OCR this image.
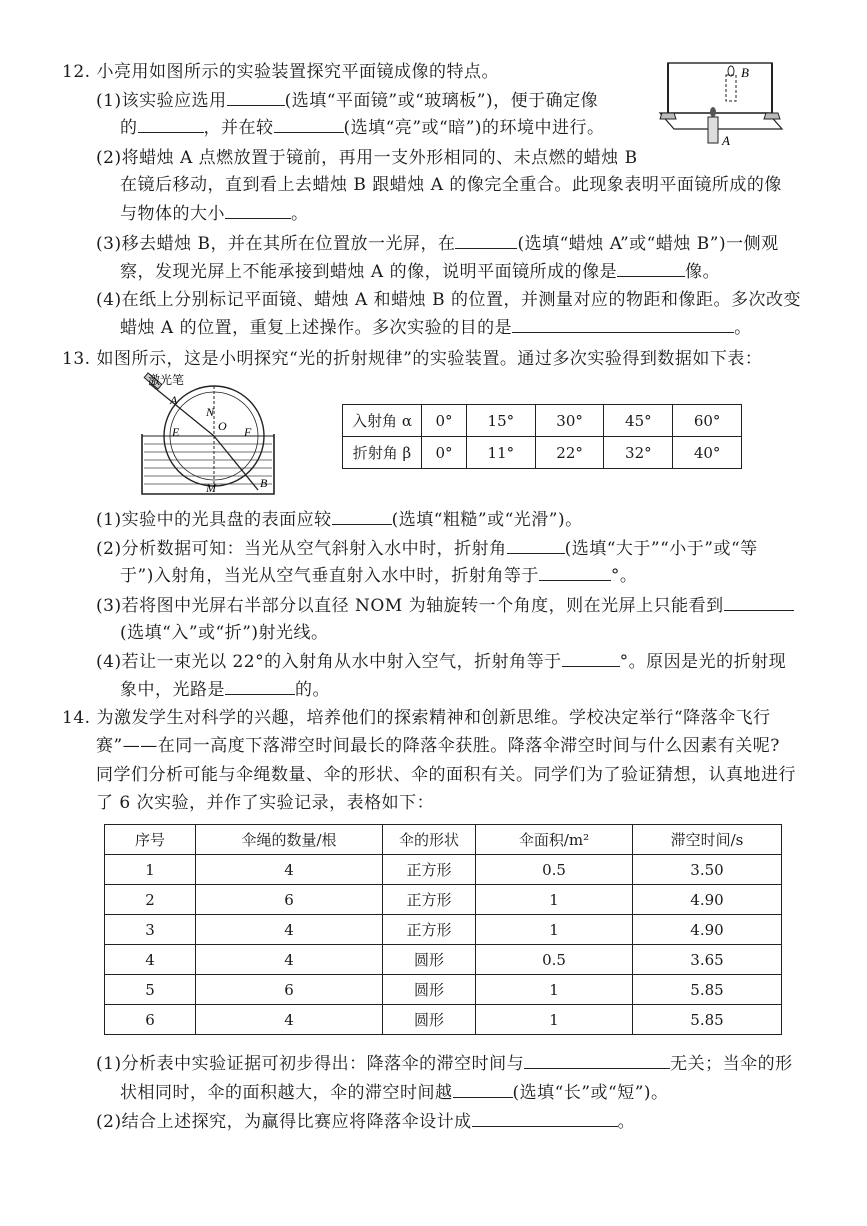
12. 小亮用如图所示的实验装置探究平面镜成像的特点。
(1)该实验应选用	(选填“平面镜”或“玻璃板”)，便于确定像
的	，并在较	(选填“亮”或“暗”)的环境中进行。
(2)将蜡烛 A 点燃放置于镜前，再用一支外形相同的、未点燃的蜡烛 B
在镜后移动，直到看上去蜡烛 B 跟蜡烛 A 的像完全重合。此现象表明平面镜所成的像
与物体的大小	。
(3)移去蜡烛 B，并在其所在位置放一光屏，在	(选填“蜡烛 A”或“蜡烛 B”)一侧观
察，发现光屏上不能承接到蜡烛 A 的像，说明平面镜所成的像是	像。
(4)在纸上分别标记平面镜、蜡烛 A 和蜡烛 B 的位置，并测量对应的物距和像距。多次改变
蜡烛 A 的位置，重复上述操作。多次实验的目的是	。
B
A
13. 如图所示，这是小明探究“光的折射规律”的实验装置。通过多次实验得到数据如下表：
激光笔
A
N
O
E	F
M	B
入射角 α	0°	15°	30°	45°	60°
折射角 β	0°	11°	22°	32°	40°
(1)实验中的光具盘的表面应较	(选填“粗糙”或“光滑”)。
(2)分析数据可知：当光从空气斜射入水中时，折射角	(选填“大于”“小于”或“等
于”)入射角，当光从空气垂直射入水中时，折射角等于	°。
(3)若将图中光屏右半部分以直径 NOM 为轴旋转一个角度，则在光屏上只能看到
(选填“入”或“折”)射光线。
(4)若让一束光以 22°的入射角从水中射入空气，折射角等于	°。原因是光的折射现
象中，光路是	的。
14. 为激发学生对科学的兴趣，培养他们的探索精神和创新思维。学校决定举行“降落伞飞行
赛”——在同一高度下落滞空时间最长的降落伞获胜。降落伞滞空时间与什么因素有关呢?
同学们分析可能与伞绳数量、伞的形状、伞的面积有关。同学们为了验证猜想，认真地进行
了 6 次实验，并作了实验记录，表格如下：
序号	伞绳的数量/根	伞的形状	伞面积/m²	滞空时间/s
1	4	正方形	0.5	3.50
2	6	正方形	1	4.90
3	4	正方形	1	4.90
4	4	圆形	0.5	3.65
5	6	圆形	1	5.85
6	4	圆形	1	5.85
(1)分析表中实验证据可初步得出：降落伞的滞空时间与	无关；当伞的形
状相同时，伞的面积越大，伞的滞空时间越	(选填“长”或“短”)。
(2)结合上述探究，为赢得比赛应将降落伞设计成	。
